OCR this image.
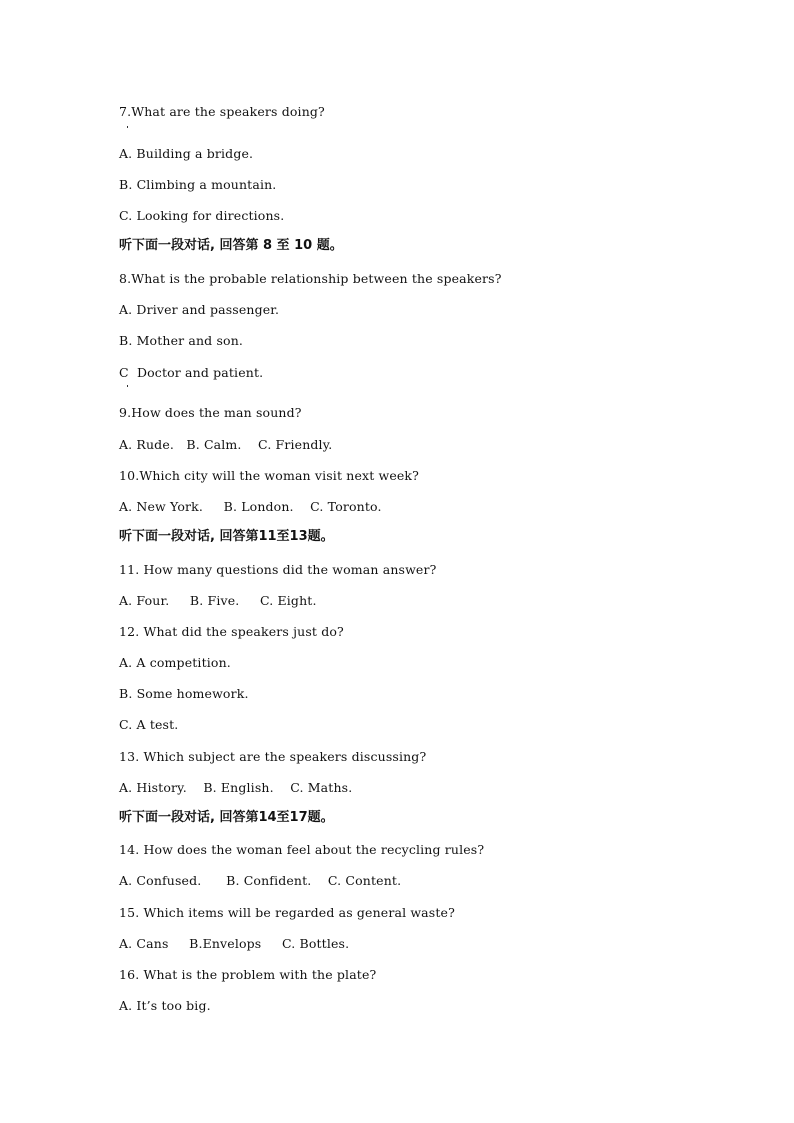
7.What are the speakers doing?
A. Building a bridge.
B. Climbing a mountain.
C. Looking for directions.
听下面一段对话, 回答第 8 至 10 题。
8.What is the probable relationship between the speakers?
A. Driver and passenger.
B. Mother and son.
C  Doctor and patient.
9.How does the man sound?
A. Rude.   B. Calm.    C. Friendly.
10.Which city will the woman visit next week?
A. New York.     B. London.    C. Toronto.
听下面一段对话, 回答第11至13题。
11. How many questions did the woman answer?
A. Four.     B. Five.     C. Eight.
12. What did the speakers just do?
A. A competition.
B. Some homework.
C. A test.
13. Which subject are the speakers discussing?
A. History.    B. English.    C. Maths.
听下面一段对话, 回答第14至17题。
14. How does the woman feel about the recycling rules?
A. Confused.      B. Confident.    C. Content.
15. Which items will be regarded as general waste?
A. Cans     B.Envelops     C. Bottles.
16. What is the problem with the plate?
A. It’s too big.
